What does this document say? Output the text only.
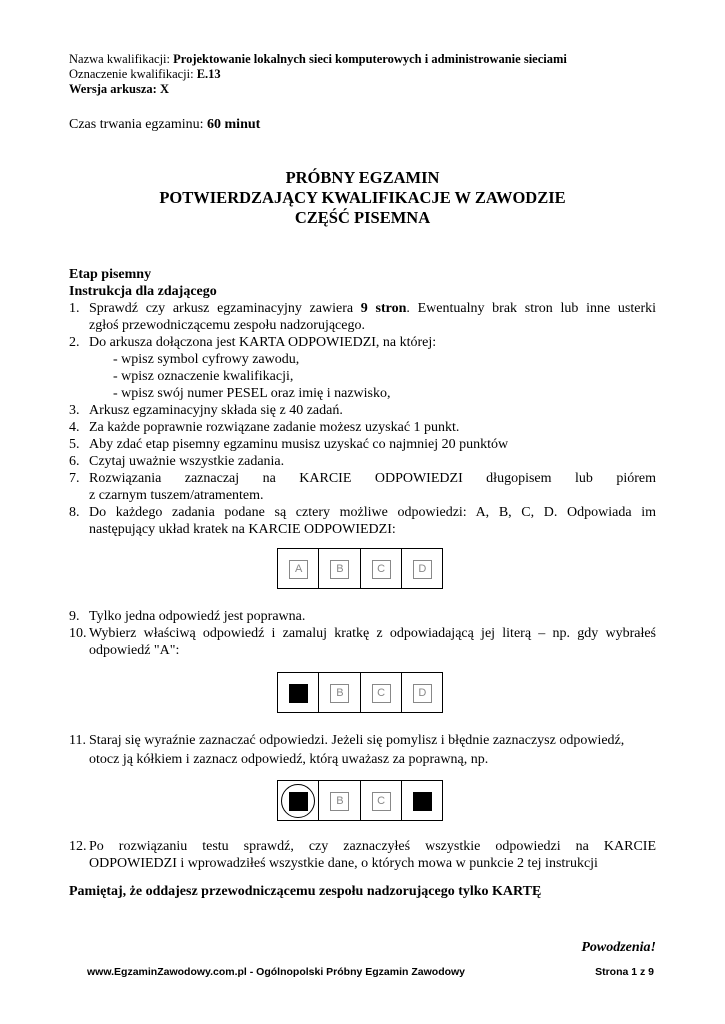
Nazwa kwalifikacji: Projektowanie lokalnych sieci komputerowych i administrowanie sieciami
Oznaczenie kwalifikacji: E.13
Wersja arkusza: X
Czas trwania egzaminu: 60 minut
PRÓBNY EGZAMIN
POTWIERDZAJĄCY KWALIFIKACJE W ZAWODZIE
CZĘŚĆ PISEMNA
Etap pisemny
Instrukcja dla zdającego
1. Sprawdź czy arkusz egzaminacyjny zawiera 9 stron. Ewentualny brak stron lub inne usterki
zgłoś przewodniczącemu zespołu nadzorującego.
2. Do arkusza dołączona jest KARTA ODPOWIEDZI, na której:
- wpisz symbol cyfrowy zawodu,
- wpisz oznaczenie kwalifikacji,
- wpisz swój numer PESEL oraz imię i nazwisko,
3. Arkusz egzaminacyjny składa się z 40 zadań.
4. Za każde poprawnie rozwiązane zadanie możesz uzyskać 1 punkt.
5. Aby zdać etap pisemny egzaminu musisz uzyskać co najmniej 20 punktów
6. Czytaj uważnie wszystkie zadania.
7. Rozwiązania zaznaczaj na KARCIE ODPOWIEDZI długopisem lub piórem
z czarnym tuszem/atramentem.
8. Do każdego zadania podane są cztery możliwe odpowiedzi: A, B, C, D. Odpowiada im
następujący układ kratek na KARCIE ODPOWIEDZI:
A	B	C	D
9. Tylko jedna odpowiedź jest poprawna.
10. Wybierz właściwą odpowiedź i zamaluj kratkę z odpowiadającą jej literą – np. gdy wybrałeś
odpowiedź "A":
A	B	C	D
11. Staraj się wyraźnie zaznaczać odpowiedzi. Jeżeli się pomylisz i błędnie zaznaczysz odpowiedź,
otocz ją kółkiem i zaznacz odpowiedź, którą uważasz za poprawną, np.
A	B	C	D
12. Po rozwiązaniu testu sprawdź, czy zaznaczyłeś wszystkie odpowiedzi na KARCIE
ODPOWIEDZI i wprowadziłeś wszystkie dane, o których mowa w punkcie 2 tej instrukcji
Pamiętaj, że oddajesz przewodniczącemu zespołu nadzorującego tylko KARTĘ
Powodzenia!
www.EgzaminZawodowy.com.pl - Ogólnopolski Próbny Egzamin Zawodowy	Strona 1 z 9
